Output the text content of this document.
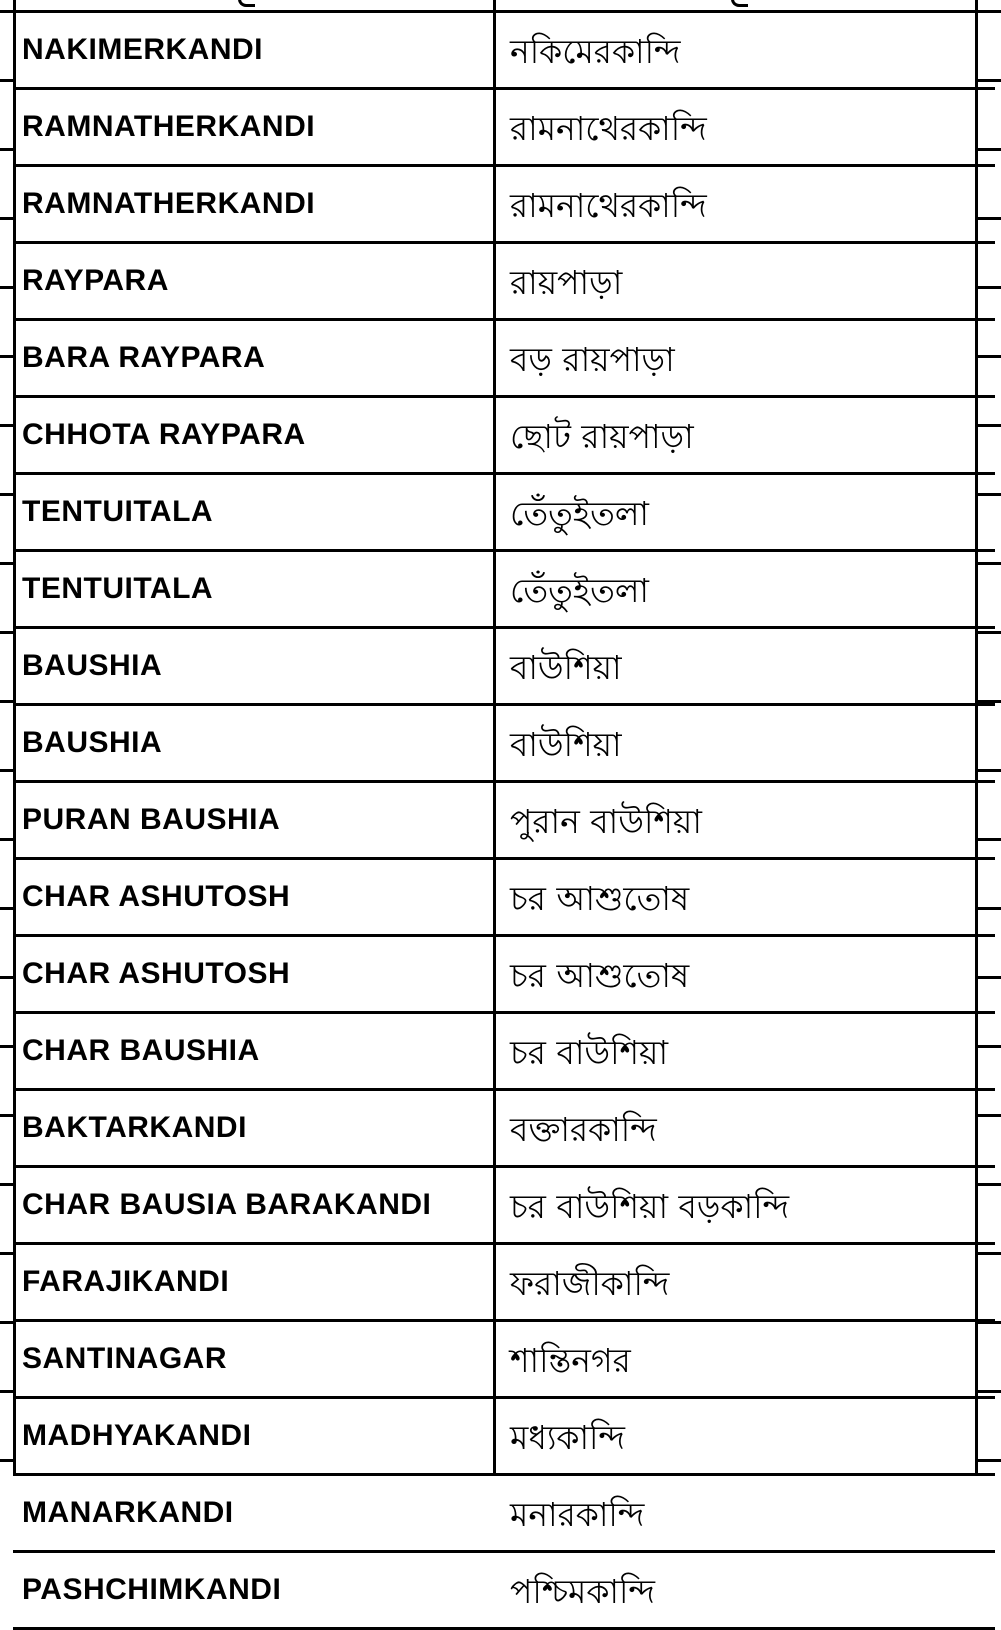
NAKIMERKANDI	নকিমেরকান্দি
RAMNATHERKANDI	রামনাথেরকান্দি
RAMNATHERKANDI	রামনাথেরকান্দি
RAYPARA	রায়পাড়া
BARA RAYPARA	বড় রায়পাড়া
CHHOTA RAYPARA	ছোট রায়পাড়া
TENTUITALA	তেঁতুইতলা
TENTUITALA	তেঁতুইতলা
BAUSHIA	বাউশিয়া
BAUSHIA	বাউশিয়া
PURAN BAUSHIA	পুরান বাউশিয়া
CHAR ASHUTOSH	চর আশুতোষ
CHAR ASHUTOSH	চর আশুতোষ
CHAR BAUSHIA	চর বাউশিয়া
BAKTARKANDI	বক্তারকান্দি
CHAR BAUSIA BARAKANDI	চর বাউশিয়া বড়কান্দি
FARAJIKANDI	ফরাজীকান্দি
SANTINAGAR	শান্তিনগর
MADHYAKANDI	মধ্যকান্দি
MANARKANDI	মনারকান্দি
PASHCHIMKANDI	পশ্চিমকান্দি
